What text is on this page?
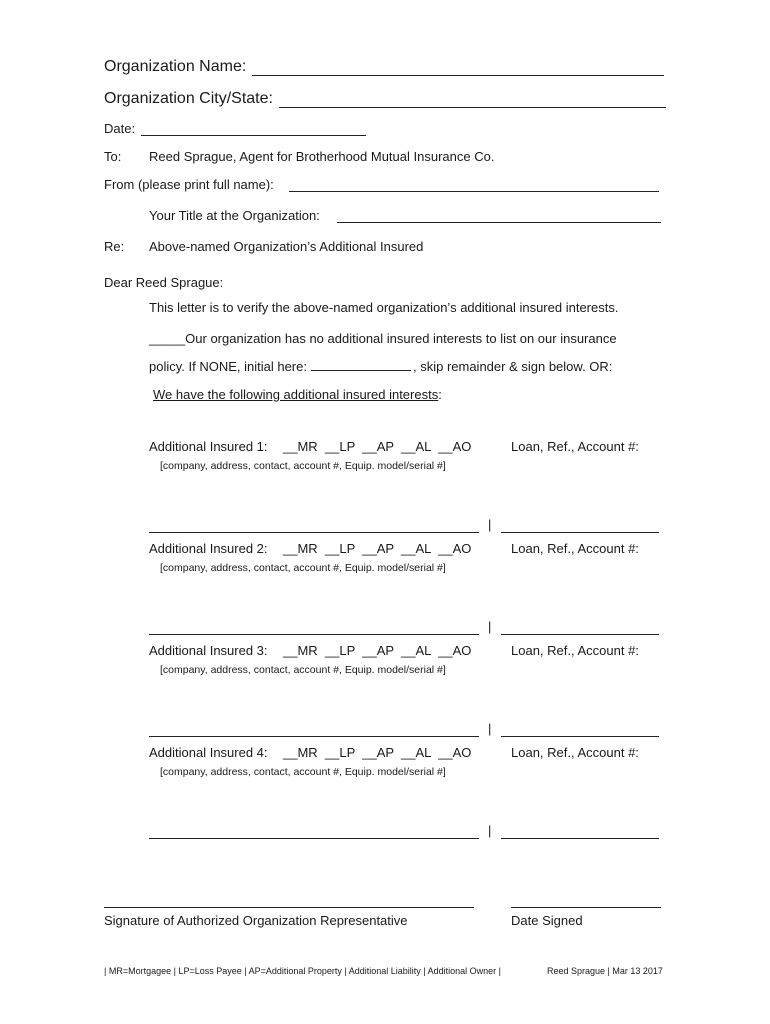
Organization Name:
Organization City/State:
Date:
To: Reed Sprague, Agent for Brotherhood Mutual Insurance Co.
From (please print full name):
Your Title at the Organization:
Re: Above-named Organization’s Additional Insured
Dear Reed Sprague:
This letter is to verify the above-named organization’s additional insured interests.
_____Our organization has no additional insured interests to list on our insurance
policy. If NONE, initial here:	, skip remainder & sign below. OR:
We have the following additional insured interests:
Additional Insured 1: __MR  __LP  __AP  __AL  __AO	Loan, Ref., Account #:
[company, address, contact, account #, Equip. model/serial #]
|
Additional Insured 2: __MR  __LP  __AP  __AL  __AO	Loan, Ref., Account #:
[company, address, contact, account #, Equip. model/serial #]
|
Additional Insured 3: __MR  __LP  __AP  __AL  __AO	Loan, Ref., Account #:
[company, address, contact, account #, Equip. model/serial #]
|
Additional Insured 4: __MR  __LP  __AP  __AL  __AO	Loan, Ref., Account #:
[company, address, contact, account #, Equip. model/serial #]
|
Signature of Authorized Organization Representative	Date Signed
| MR=Mortgagee | LP=Loss Payee | AP=Additional Property | Additional Liability | Additional Owner |	Reed Sprague | Mar 13 2017
